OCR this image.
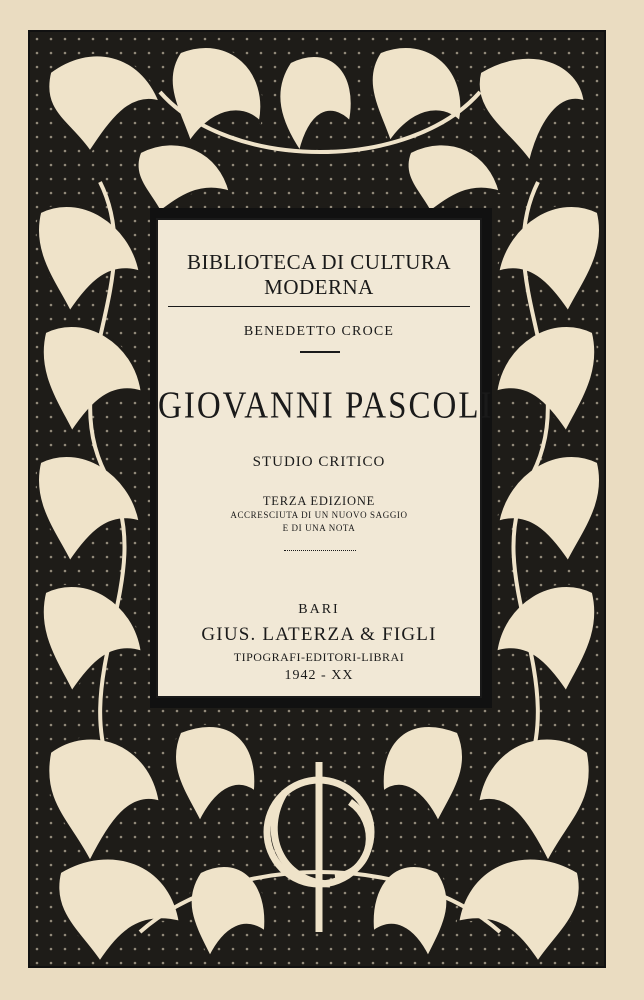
BIBLIOTECA DI CULTURA
MODERNA
BENEDETTO CROCE
GIOVANNI PASCOLI
STUDIO CRITICO
TERZA EDIZIONE
ACCRESCIUTA DI UN NUOVO SAGGIO
E DI UNA NOTA
BARI
GIUS. LATERZA & FIGLI
TIPOGRAFI-EDITORI-LIBRAI
1942 - XX
